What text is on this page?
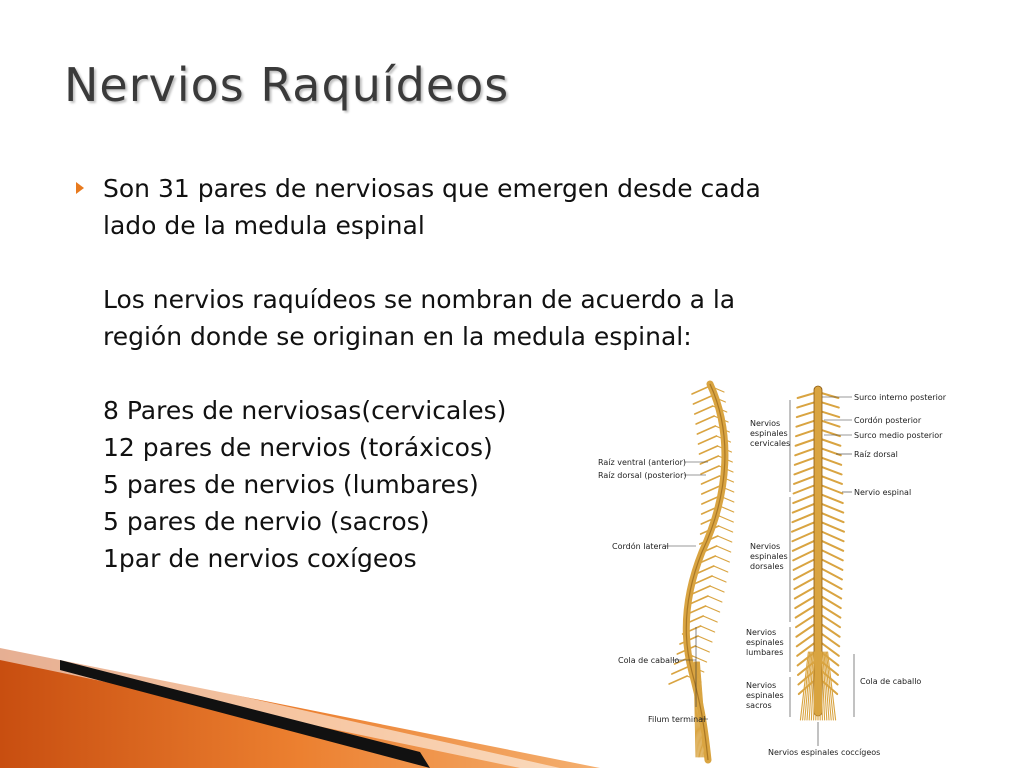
Nervios Raquídeos

Son 31 pares de nerviosas que emergen desde cada

lado de la medula espinal

Los nervios raquídeos se nombran de acuerdo a la

región donde se originan en la medula espinal:

8 Pares de nerviosas(cervicales)

12 pares de nervios (toráxicos)

5 pares de nervios (lumbares)

5 pares de nervio (sacros)

1par de nervios coxígeos

Raíz ventral (anterior)
Raíz dorsal (posterior)
Cordón lateral
Cola de caballo
Filum terminal
Nervios
espinales
cervicales
Nervios
espinales
dorsales
Nervios
espinales
lumbares
Nervios
espinales
sacros
Surco interno posterior
Cordón posterior
Surco medio posterior
Raíz dorsal
Nervio espinal
Cola de caballo
Nervios espinales coccígeos
